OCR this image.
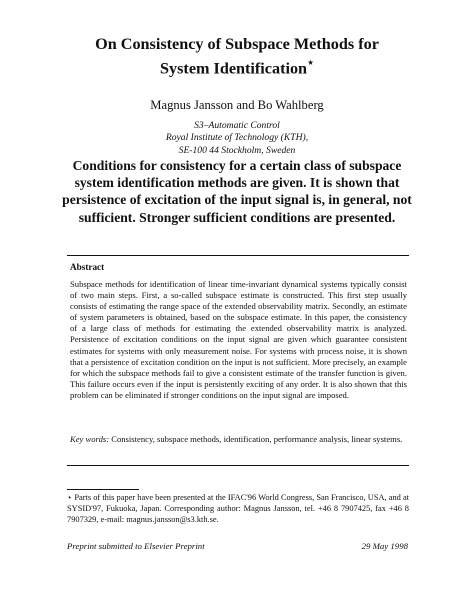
On Consistency of Subspace Methods for
System Identification⋆
Magnus Jansson and Bo Wahlberg
S3–Automatic Control
Royal Institute of Technology (KTH),
SE-100 44 Stockholm, Sweden
Conditions for consistency for a certain class of subspace system identification methods are given. It is shown that persistence of excitation of the input signal is, in general, not sufficient. Stronger sufficient conditions are presented.
Abstract
Subspace methods for identification of linear time-invariant dynamical systems typically consist of two main steps. First, a so-called subspace estimate is constructed. This first step usually consists of estimating the range space of the extended observability matrix. Secondly, an estimate of system parameters is obtained, based on the subspace estimate. In this paper, the consistency of a large class of methods for estimating the extended observability matrix is analyzed. Persistence of excitation conditions on the input signal are given which guarantee consistent estimates for systems with only measurement noise. For systems with process noise, it is shown that a persistence of excitation condition on the input is not sufficient. More precisely, an example for which the subspace methods fail to give a consistent estimate of the transfer function is given. This failure occurs even if the input is persistently exciting of any order. It is also shown that this problem can be eliminated if stronger conditions on the input signal are imposed.
Key words: Consistency, subspace methods, identification, performance analysis, linear systems.
⋆ Parts of this paper have been presented at the IFAC'96 World Congress, San Francisco, USA, and at SYSID'97, Fukuoka, Japan. Corresponding author: Magnus Jansson, tel. +46 8 7907425, fax +46 8 7907329, e-mail: magnus.jansson@s3.kth.se.
Preprint submitted to Elsevier Preprint	29 May 1998
